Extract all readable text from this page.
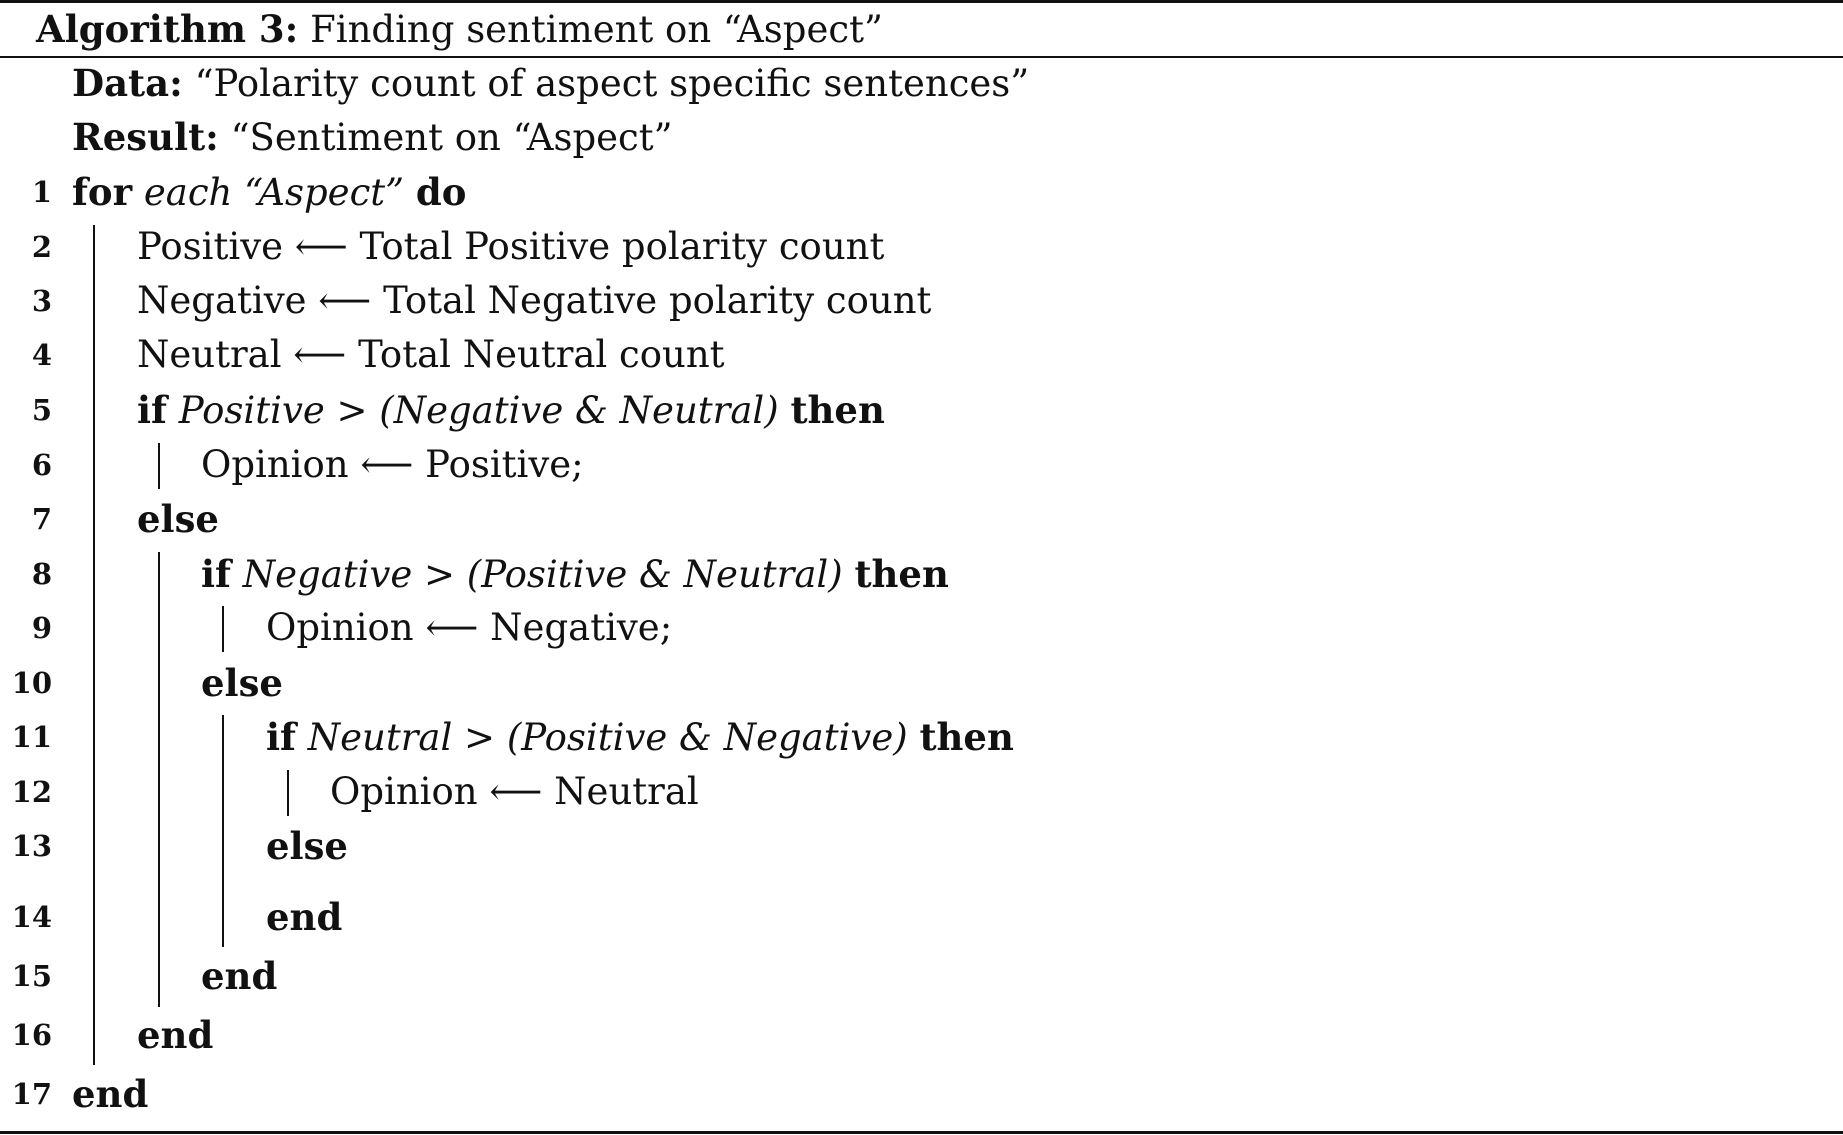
Algorithm 3: Finding sentiment on “Aspect”
Data: “Polarity count of aspect specific sentences”
Result: “Sentiment on “Aspect”
1 for each “Aspect” do
2 Positive ⟵ Total Positive polarity count
3 Negative ⟵ Total Negative polarity count
4 Neutral ⟵ Total Neutral count
5 if Positive > (Negative & Neutral) then
6	Opinion ⟵ Positive;
7 else
8	if Negative > (Positive & Neutral) then
9	Opinion ⟵ Negative;
10	else
11	if Neutral > (Positive & Negative) then
12	Opinion ⟵ Neutral
13	else
14	end
15	end
16 end
17 end
